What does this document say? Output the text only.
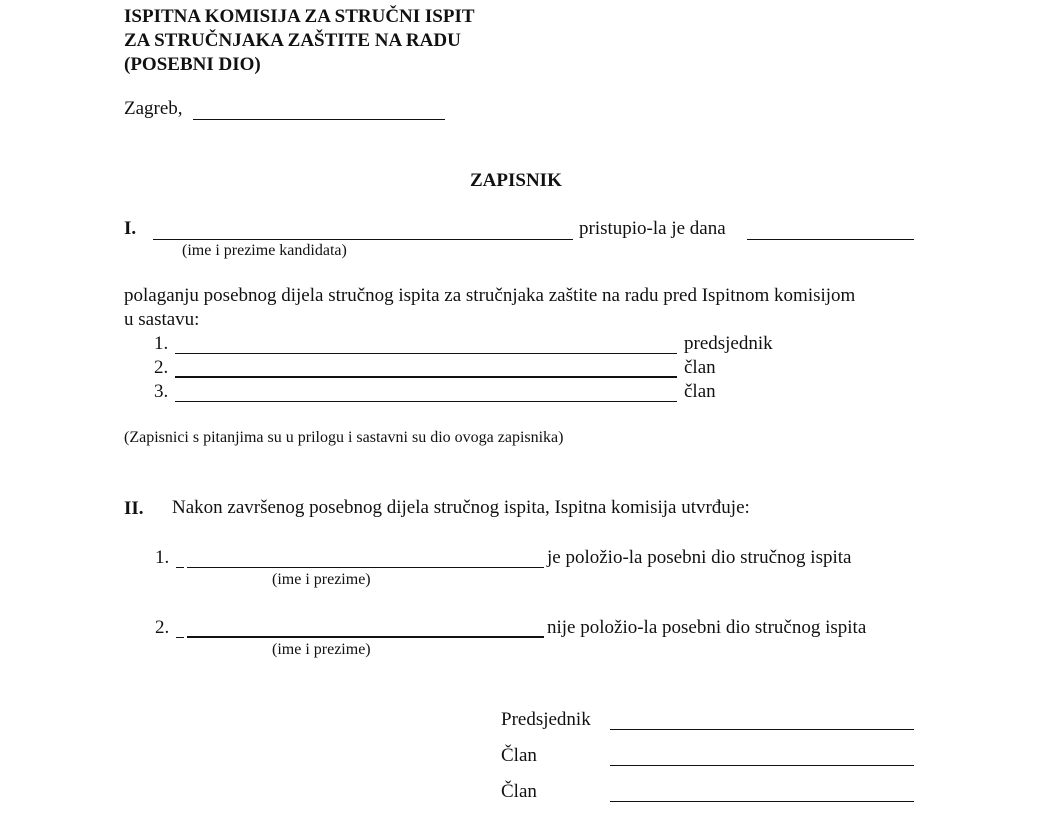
ISPITNA KOMISIJA ZA STRUČNI ISPIT
ZA STRUČNJAKA ZAŠTITE NA RADU
(POSEBNI DIO)
Zagreb,
ZAPISNIK
I.	pristupio-la je dana
(ime i prezime kandidata)
polaganju posebnog dijela stručnog ispita za stručnjaka zaštite na radu pred Ispitnom komisijom
u sastavu:
1.	predsjednik
2.	član
3.	član
(Zapisnici s pitanjima su u prilogu i sastavni su dio ovoga zapisnika)
II. Nakon završenog posebnog dijela stručnog ispita, Ispitna komisija utvrđuje:
1.	je položio-la posebni dio stručnog ispita
(ime i prezime)
2.	nije položio-la posebni dio stručnog ispita
(ime i prezime)
Predsjednik
Član
Član
